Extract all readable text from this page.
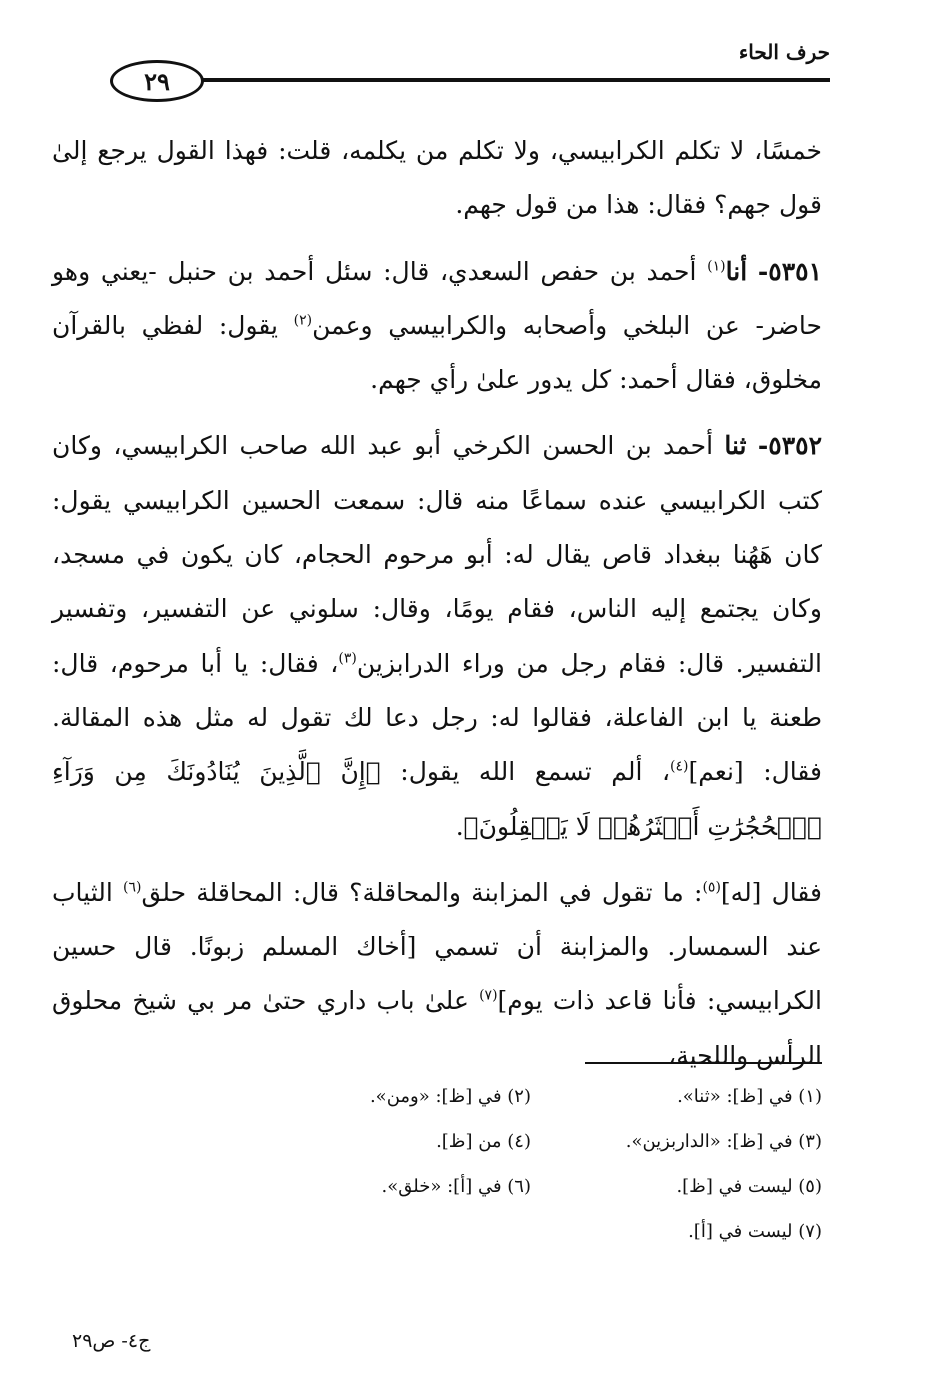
حرف الحاء
٢٩

خمسًا، لا تكلم الكرابيسي، ولا تكلم من يكلمه، قلت: فهذا القول يرجع إلىٰ قول جهم؟ فقال: هذا من قول جهم.

٥٣٥١- أنا$^{(١)}$ أحمد بن حفص السعدي، قال: سئل أحمد بن حنبل -يعني وهو حاضر- عن البلخي وأصحابه والكرابيسي وعمن$^{(٢)}$ يقول: لفظي بالقرآن مخلوق، فقال أحمد: كل يدور علىٰ رأي جهم.

٥٣٥٢- ثنا أحمد بن الحسن الكرخي أبو عبد الله صاحب الكرابيسي، وكان كتب الكرابيسي عنده سماعًا منه قال: سمعت الحسين الكرابيسي يقول: كان هَهُنا ببغداد قاص يقال له: أبو مرحوم الحجام، كان يكون في مسجد، وكان يجتمع إليه الناس، فقام يومًا، وقال: سلوني عن التفسير، وتفسير التفسير. قال: فقام رجل من وراء الدرابزين$^{(٣)}$، فقال: يا أبا مرحوم، قال: طعنة يا ابن الفاعلة، فقالوا له: رجل دعا لك تقول له مثل هذه المقالة. فقال: [نعم]$^{(٤)}$، ألم تسمع الله يقول: ﴿إِنَّ ٱلَّذِينَ يُنَادُونَكَ مِن وَرَآءِ ٱلۡحُجُرَٰتِ أَكۡثَرُهُمۡ لَا يَعۡقِلُونَ﴾.

فقال [له]$^{(٥)}$: ما تقول في المزابنة والمحاقلة؟ قال: المحاقلة حلق$^{(٦)}$ الثياب عند السمسار. والمزابنة أن تسمي [أخاك المسلم زبونًا. قال حسين الكرابيسي: فأنا قاعد ذات يوم]$^{(٧)}$ علىٰ باب داري حتىٰ مر بي شيخ محلوق الرأس واللحية،

(١) في [ظ]: «ثنا».
(٢) في [ظ]: «ومن».
(٣) في [ظ]: «الداربزين».
(٤) من [ظ].
(٥) ليست في [ظ].
(٦) في [أ]: «خلق».
(٧) ليست في [أ].
ج٤- ص٢٩
